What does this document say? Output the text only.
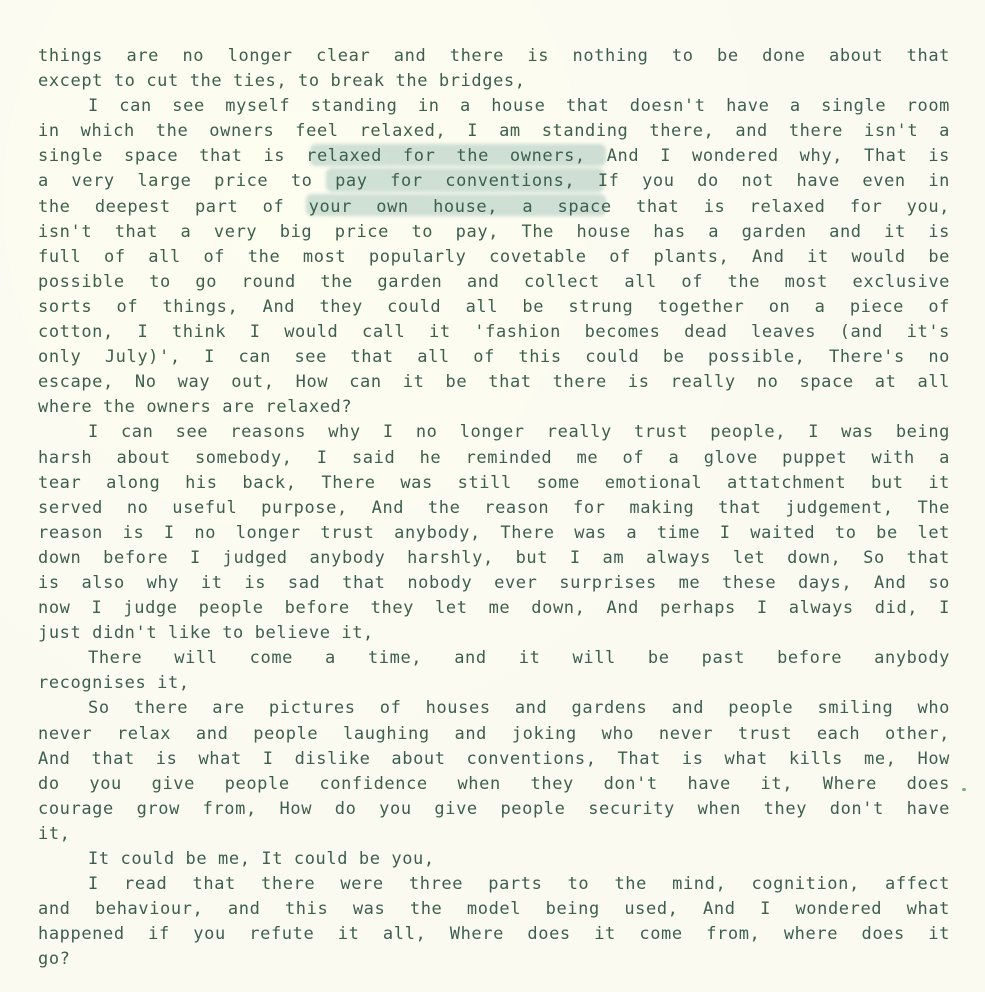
things are no longer clear and there is nothing to be done about that
except to cut the ties, to break the bridges,
I can see myself standing in a house that doesn't have a single room
in which the owners feel relaxed, I am standing there, and there isn't a
single space that is relaxed for the owners, And I wondered why, That is
a very large price to pay for conventions, If you do not have even in
the deepest part of your own house, a space that is relaxed for you,
isn't that a very big price to pay, The house has a garden and it is
full of all of the most popularly covetable of plants, And it would be
possible to go round the garden and collect all of the most exclusive
sorts of things, And they could all be strung together on a piece of
cotton, I think I would call it 'fashion becomes dead leaves (and it's
only July)', I can see that all of this could be possible, There's no
escape, No way out, How can it be that there is really no space at all
where the owners are relaxed?
I can see reasons why I no longer really trust people, I was being
harsh about somebody, I said he reminded me of a glove puppet with a
tear along his back, There was still some emotional attatchment but it
served no useful purpose, And the reason for making that judgement, The
reason is I no longer trust anybody, There was a time I waited to be let
down before I judged anybody harshly, but I am always let down, So that
is also why it is sad that nobody ever surprises me these days, And so
now I judge people before they let me down, And perhaps I always did, I
just didn't like to believe it,
There will come a time, and it will be past before anybody
recognises it,
So there are pictures of houses and gardens and people smiling who
never relax and people laughing and joking who never trust each other,
And that is what I dislike about conventions, That is what kills me, How
do you give people confidence when they don't have it, Where does
courage grow from, How do you give people security when they don't have
it,
It could be me, It could be you,
I read that there were three parts to the mind, cognition, affect
and behaviour, and this was the model being used, And I wondered what
happened if you refute it all, Where does it come from, where does it
go?
